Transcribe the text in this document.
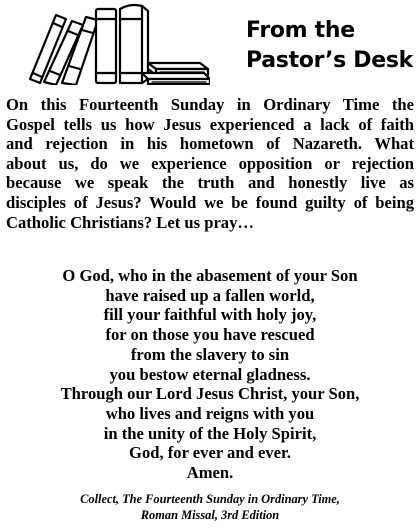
From the
Pastor’s Desk
On this Fourteenth Sunday in Ordinary Time the
Gospel tells us how Jesus experienced a lack of faith
and rejection in his hometown of Nazareth. What
about us, do we experience opposition or rejection
because we speak the truth and honestly live as
disciples of Jesus? Would we be found guilty of being
Catholic Christians? Let us pray…
O God, who in the abasement of your Son
have raised up a fallen world,
fill your faithful with holy joy,
for on those you have rescued
from the slavery to sin
you bestow eternal gladness.
Through our Lord Jesus Christ, your Son,
who lives and reigns with you
in the unity of the Holy Spirit,
God, for ever and ever.
Amen.
Collect, The Fourteenth Sunday in Ordinary Time,
Roman Missal, 3rd Edition
